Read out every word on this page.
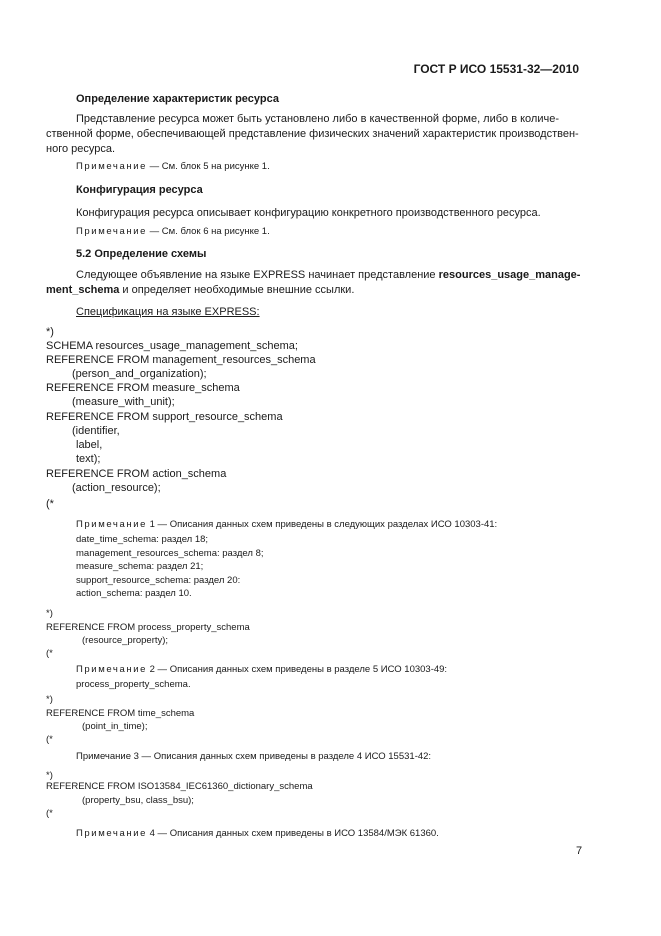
ГОСТ Р ИСО 15531-32—2010
Определение характеристик ресурса
Представление ресурса может быть установлено либо в качественной форме, либо в количе-
ственной форме, обеспечивающей представление физических значений характеристик производствен-
ного ресурса.
Примечание — См. блок 5 на рисунке 1.
Конфигурация ресурса
Конфигурация ресурса описывает конфигурацию конкретного производственного ресурса.
Примечание — См. блок 6 на рисунке 1.
5.2 Определение схемы
Следующее объявление на языке EXPRESS начинает представление resources_usage_manage-
ment_schema и определяет необходимые внешние ссылки.
Спецификация на языке EXPRESS:
*)
SCHEMA resources_usage_management_schema;
REFERENCE FROM management_resources_schema
(person_and_organization);
REFERENCE FROM measure_schema
(measure_with_unit);
REFERENCE FROM support_resource_schema
(identifier,
label,
text);
REFERENCE FROM action_schema
(action_resource);
(*
Примечание 1 — Описания данных схем приведены в следующих разделах ИСО 10303-41:
date_time_schema: раздел 18;
management_resources_schema: раздел 8;
measure_schema: раздел 21;
support_resource_schema: раздел 20:
action_schema: раздел 10.
*)
REFERENCE FROM process_property_schema
(resource_property);
(*
Примечание 2 — Описания данных схем приведены в разделе 5 ИСО 10303-49:
process_property_schema.
*)
REFERENCE FROM time_schema
(point_in_time);
(*
Примечание 3 — Описания данных схем приведены в разделе 4 ИСО 15531-42:
*)
REFERENCE FROM ISO13584_IEC61360_dictionary_schema
(property_bsu, class_bsu);
(*
Примечание 4 — Описания данных схем приведены в ИСО 13584/МЭК 61360.
7
